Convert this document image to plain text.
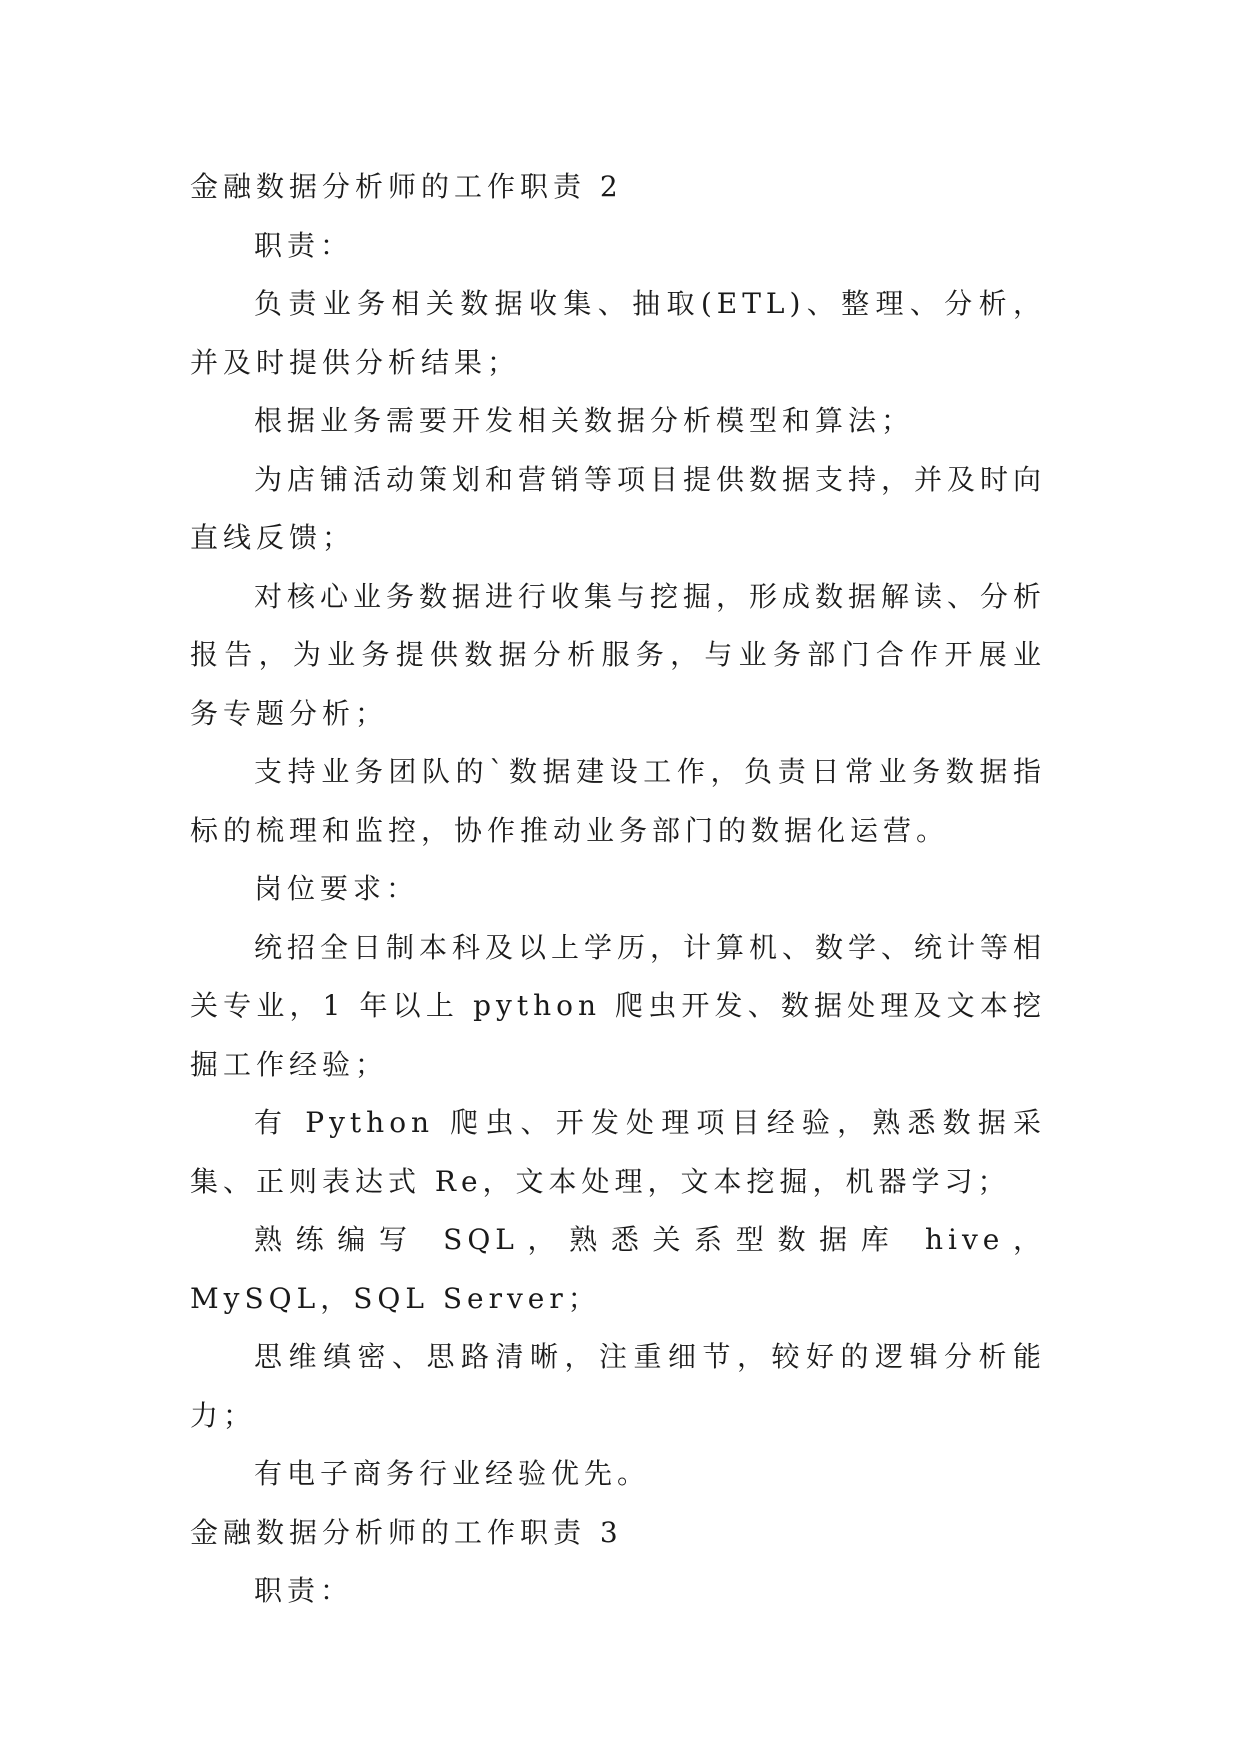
金融数据分析师的工作职责 2

职责：

负责业务相关数据收集、抽取(ETL)、整理、分析，并及时提供分析结果；

根据业务需要开发相关数据分析模型和算法；

为店铺活动策划和营销等项目提供数据支持，并及时向直线反馈；

对核心业务数据进行收集与挖掘，形成数据解读、分析报告，为业务提供数据分析服务，与业务部门合作开展业务专题分析；

支持业务团队的`数据建设工作，负责日常业务数据指标的梳理和监控，协作推动业务部门的数据化运营。

岗位要求：

统招全日制本科及以上学历，计算机、数学、统计等相关专业，1 年以上 python 爬虫开发、数据处理及文本挖掘工作经验；

有 Python 爬虫、开发处理项目经验，熟悉数据采集、正则表达式 Re，文本处理，文本挖掘，机器学习；

熟练编写 SQL，熟悉关系型数据库 hive，MySQL，SQL Server；

思维缜密、思路清晰，注重细节，较好的逻辑分析能力；

有电子商务行业经验优先。

金融数据分析师的工作职责 3

职责：
